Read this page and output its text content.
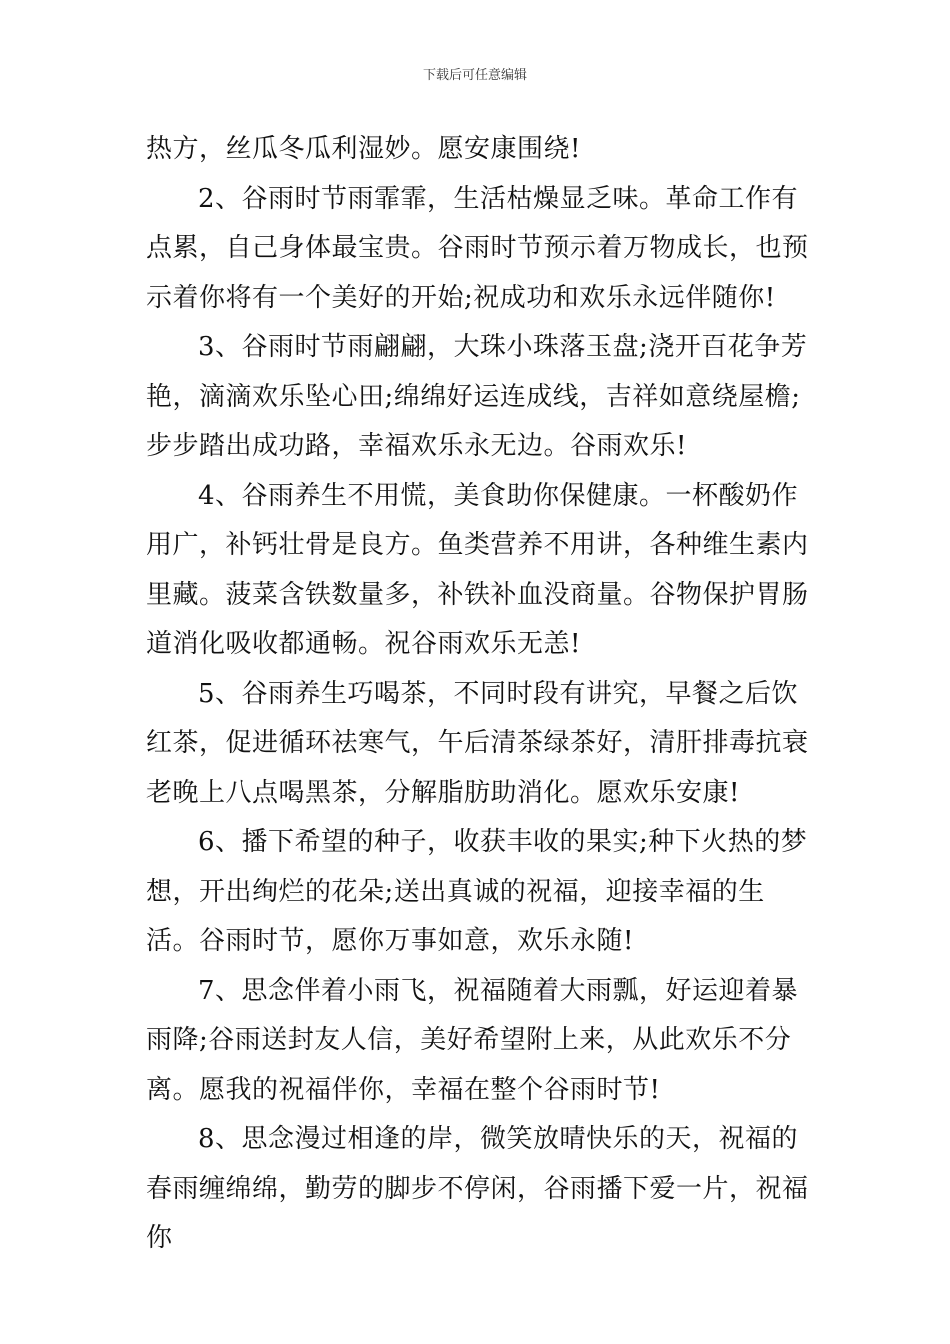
下载后可任意编辑

热方，丝瓜冬瓜利湿妙。愿安康围绕!

2、谷雨时节雨霏霏，生活枯燥显乏味。革命工作有点累，自己身体最宝贵。谷雨时节预示着万物成长，也预示着你将有一个美好的开始;祝成功和欢乐永远伴随你!

3、谷雨时节雨翩翩，大珠小珠落玉盘;浇开百花争芳艳，滴滴欢乐坠心田;绵绵好运连成线，吉祥如意绕屋檐;步步踏出成功路，幸福欢乐永无边。谷雨欢乐!

4、谷雨养生不用慌，美食助你保健康。一杯酸奶作用广，补钙壮骨是良方。鱼类营养不用讲，各种维生素内里藏。菠菜含铁数量多，补铁补血没商量。谷物保护胃肠道消化吸收都通畅。祝谷雨欢乐无恙!

5、谷雨养生巧喝茶，不同时段有讲究，早餐之后饮红茶，促进循环祛寒气，午后清茶绿茶好，清肝排毒抗衰老晚上八点喝黑茶，分解脂肪助消化。愿欢乐安康!

6、播下希望的种子，收获丰收的果实;种下火热的梦想，开出绚烂的花朵;送出真诚的祝福，迎接幸福的生活。谷雨时节，愿你万事如意，欢乐永随!

7、思念伴着小雨飞，祝福随着大雨瓢，好运迎着暴雨降;谷雨送封友人信，美好希望附上来，从此欢乐不分离。愿我的祝福伴你，幸福在整个谷雨时节!

8、思念漫过相逢的岸，微笑放晴快乐的天，祝福的春雨缠绵绵，勤劳的脚步不停闲，谷雨播下爱一片，祝福你
